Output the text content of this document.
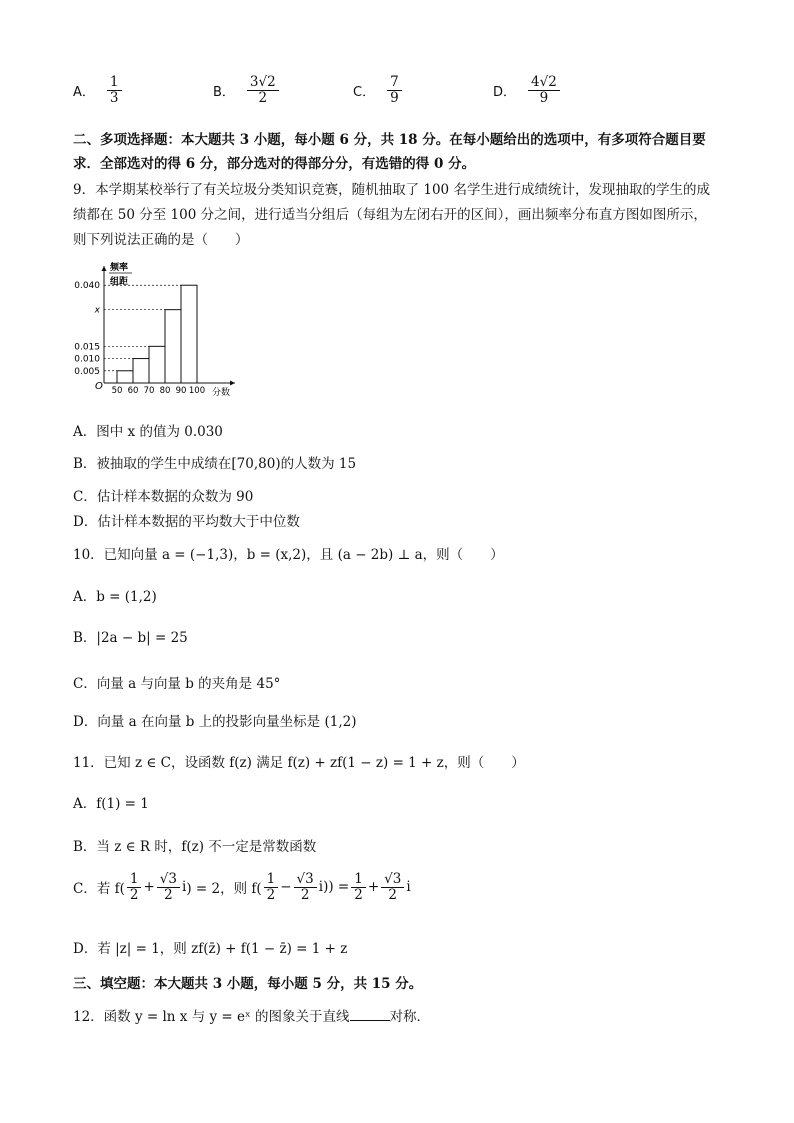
A． $\frac{1}{3}$	B． $\frac{3√2}{2}$	C． $\frac{7}{9}$	D． $\frac{4√2}{9}$
二、多项选择题：本大题共 3 小题，每小题 6 分，共 18 分。在每小题给出的选项中，有多项符合题目要
求．全部选对的得 6 分，部分选对的得部分分，有选错的得 0 分。
9．本学期某校举行了有关垃圾分类知识竞赛，随机抽取了 100 名学生进行成绩统计，发现抽取的学生的成
绩都在 50 分至 100 分之间，进行适当分组后（每组为左闭右开的区间），画出频率分布直方图如图所示，
则下列说法正确的是（　　）
频率
组距
0.040
x
0.015
0.010
0.005
50 60 70 80 90 100
O
分数
A．图中 x 的值为 0.030
B．被抽取的学生中成绩在[70,80)的人数为 15
C．估计样本数据的众数为 90
D．估计样本数据的平均数大于中位数
10．已知向量 a = (−1,3)，b = (x,2)，且 (a − 2b) ⊥ a，则（　　）
A．b = (1,2)
B．|2a − b| = 25
C．向量 a 与向量 b 的夹角是 45°
D．向量 a 在向量 b 上的投影向量坐标是 (1,2)
11．已知 z ∈ C，设函数 f(z) 满足 f(z) + zf(1 − z) = 1 + z，则（　　）
A．f(1) = 1
B．当 z ∈ R 时，f(z) 不一定是常数函数
C．若 $f( \frac{1}{2} + \frac{√3}{2}$ i ) = 2，则 $f( \frac{1}{2} - \frac{√3}{2} i)$ ) = $\frac{1}{2} + \frac{√3}{2}$ i
D．若 |z| = 1，则 zf(z̄) + f(1 − z̄) = 1 + z
三、填空题：本大题共 3 小题，每小题 5 分，共 15 分。
12．函数 y = ln x 与 y = eˣ 的图象关于直线	对称．
